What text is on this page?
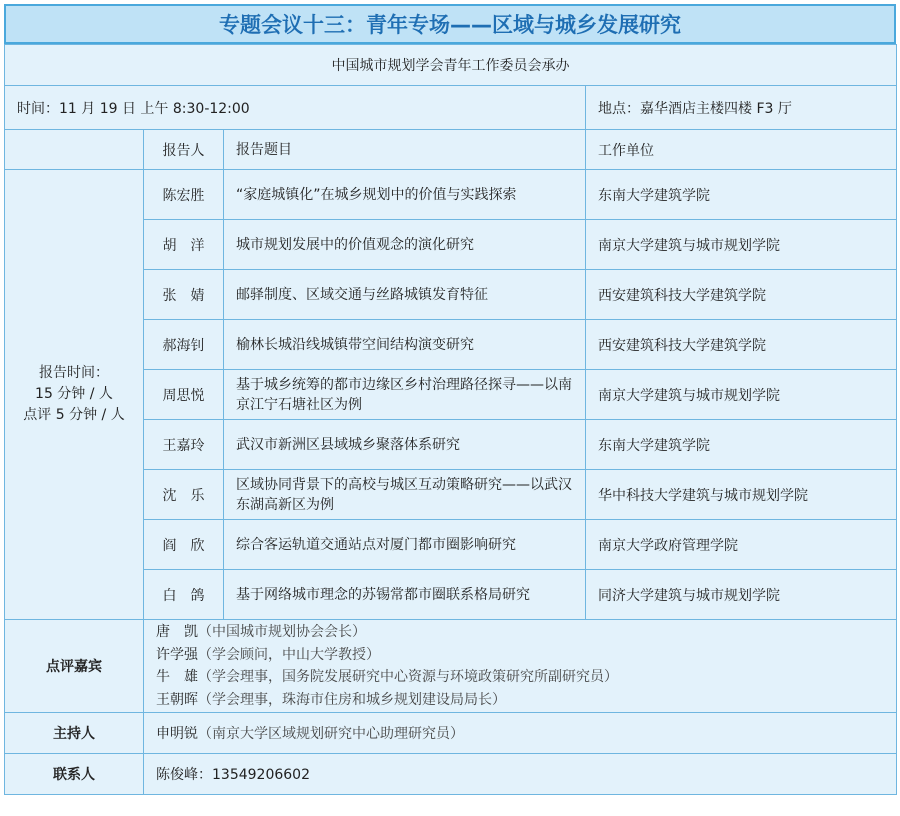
专题会议十三：青年专场——区域与城乡发展研究
中国城市规划学会青年工作委员会承办			
时间：11 月 19 日 上午 8:30-12:00			地点：嘉华酒店主楼四楼 F3 厅
	报告人	报告题目	工作单位

报告时间：
15 分钟 / 人
点评 5 分钟 / 人	陈宏胜	“家庭城镇化”在城乡规划中的价值与实践探索	东南大学建筑学院
	胡　洋	城市规划发展中的价值观念的演化研究	南京大学建筑与城市规划学院
	张　婧	邮驿制度、区域交通与丝路城镇发育特征	西安建筑科技大学建筑学院
	郝海钊	榆林长城沿线城镇带空间结构演变研究	西安建筑科技大学建筑学院
	周思悦	基于城乡统筹的都市边缘区乡村治理路径探寻——以南京江宁石塘社区为例	南京大学建筑与城市规划学院
	王嘉玲	武汉市新洲区县域城乡聚落体系研究	东南大学建筑学院
	沈　乐	区域协同背景下的高校与城区互动策略研究——以武汉东湖高新区为例	华中科技大学建筑与城市规划学院
	阎　欣	综合客运轨道交通站点对厦门都市圈影响研究	南京大学政府管理学院
	白　鸽	基于网络城市理念的苏锡常都市圈联系格局研究	同济大学建筑与城市规划学院
点评嘉宾	唐　凯（中国城市规划协会会长）
许学强（学会顾问，中山大学教授）
牛　雄（学会理事，国务院发展研究中心资源与环境政策研究所副研究员）
王朝晖（学会理事，珠海市住房和城乡规划建设局局长）		

主持人	申明锐（南京大学区域规划研究中心助理研究员）		
联系人	陈俊峰：13549206602		
